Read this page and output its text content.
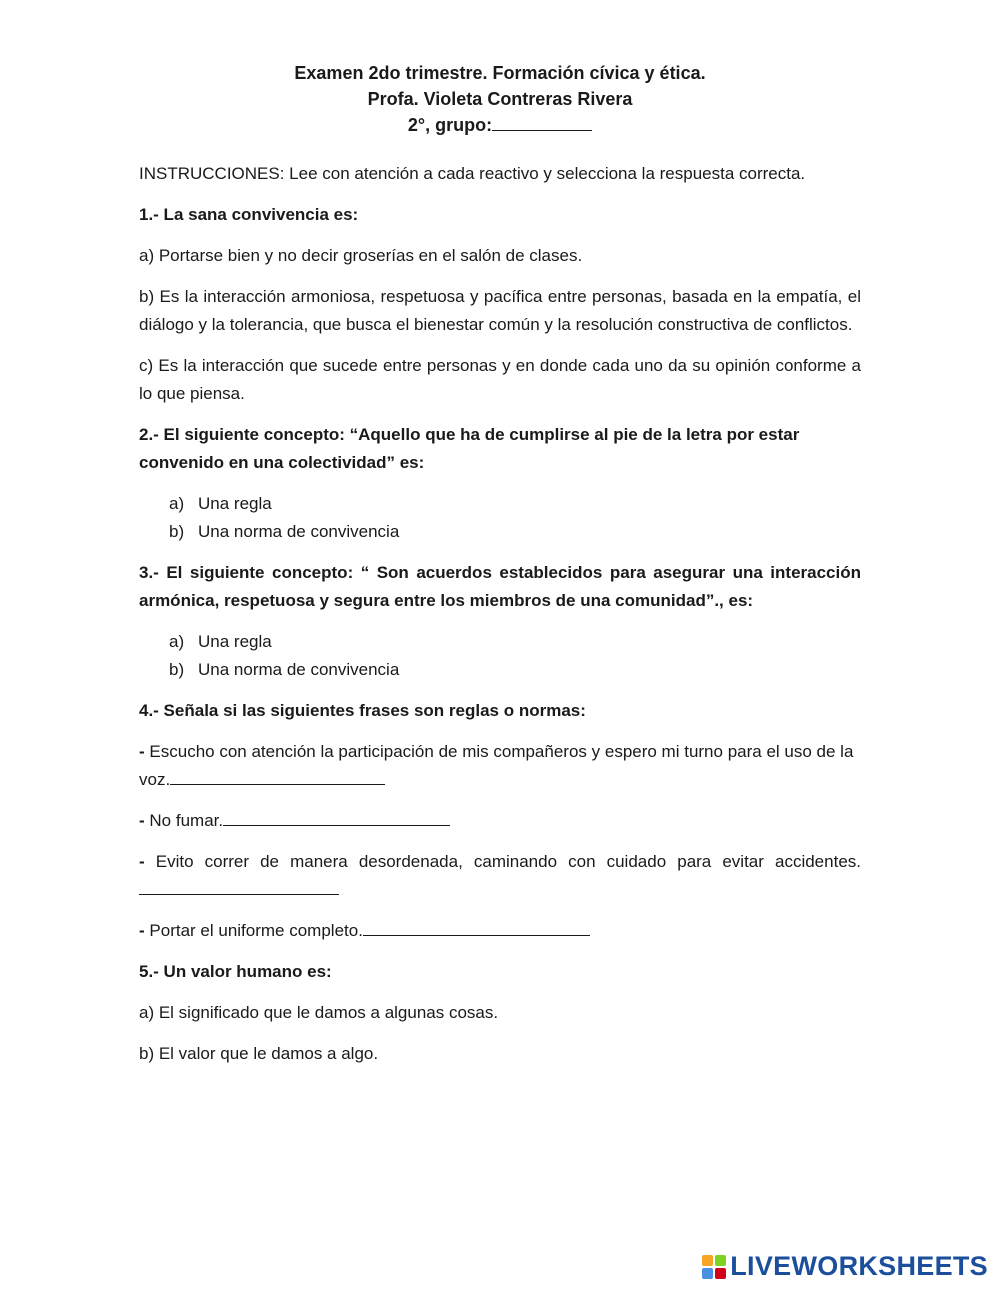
Examen 2do trimestre. Formación cívica y ética.
Profa. Violeta Contreras Rivera
2°, grupo:

INSTRUCCIONES: Lee con atención a cada reactivo y selecciona la respuesta correcta.

1.- La sana convivencia es:

a) Portarse bien y no decir groserías en el salón de clases.

b) Es la interacción armoniosa, respetuosa y pacífica entre personas, basada en la empatía, el diálogo y la tolerancia, que busca el bienestar común y la resolución constructiva de conflictos.

c) Es la interacción que sucede entre personas y en donde cada uno da su opinión conforme a lo que piensa.

2.- El siguiente concepto: “Aquello que ha de cumplirse al pie de la letra por estar convenido en una colectividad” es:

a) Una regla
b) Una norma de convivencia

3.- El siguiente concepto: “ Son acuerdos establecidos para asegurar una interacción armónica, respetuosa y segura entre los miembros de una comunidad”., es:

a) Una regla
b) Una norma de convivencia

4.- Señala si las siguientes frases son reglas o normas:

- Escucho con atención la participación de mis compañeros y espero mi turno para el uso de la voz.

- No fumar.

- Evito correr de manera desordenada, caminando con cuidado para evitar accidentes.

- Portar el uniforme completo.

5.- Un valor humano es:

a) El significado que le damos a algunas cosas.

b) El valor que le damos a algo.

LIVEWORKSHEETS
